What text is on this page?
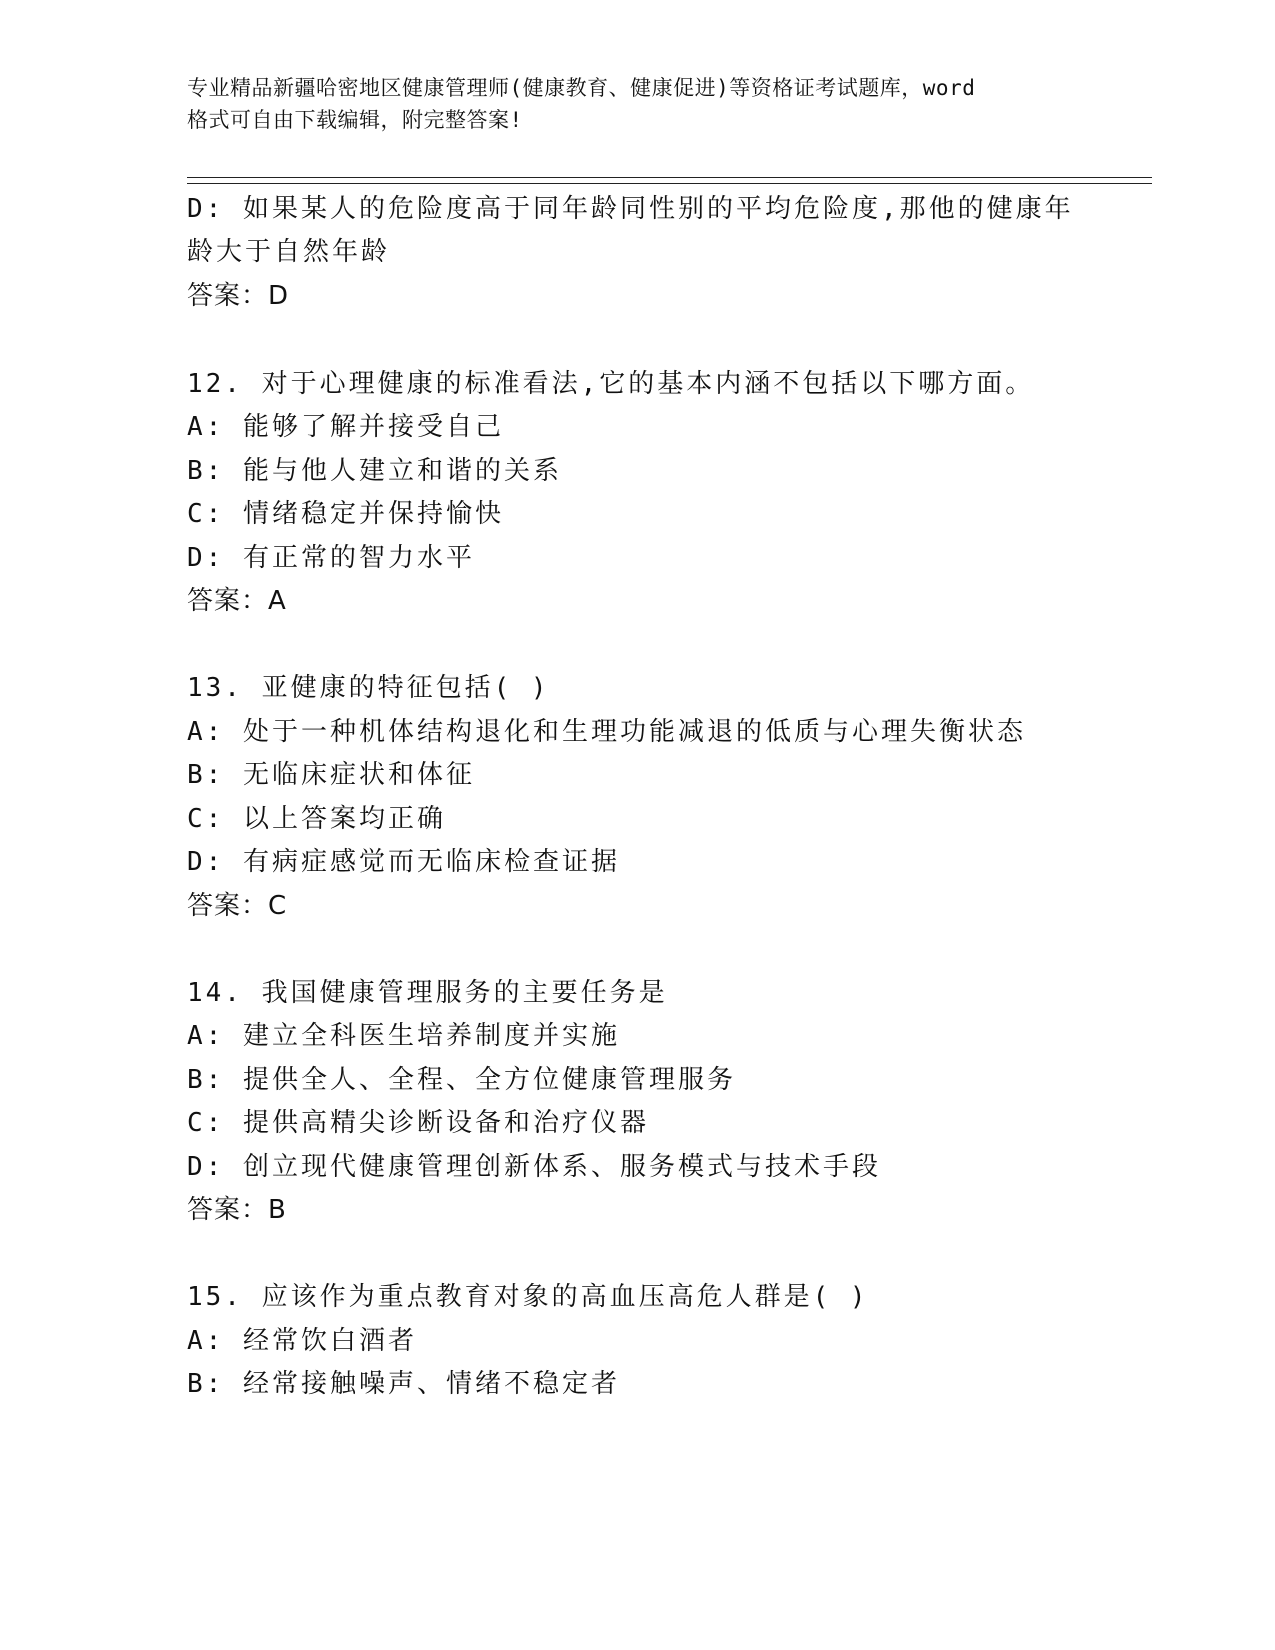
专业精品新疆哈密地区健康管理师(健康教育、健康促进)等资格证考试题库，word
格式可自由下载编辑，附完整答案!
D: 如果某人的危险度高于同年龄同性别的平均危险度,那他的健康年
龄大于自然年龄
答案：D
12. 对于心理健康的标准看法,它的基本内涵不包括以下哪方面。
A: 能够了解并接受自己
B: 能与他人建立和谐的关系
C: 情绪稳定并保持愉快
D: 有正常的智力水平
答案：A
13. 亚健康的特征包括( )
A: 处于一种机体结构退化和生理功能减退的低质与心理失衡状态
B: 无临床症状和体征
C: 以上答案均正确
D: 有病症感觉而无临床检查证据
答案：C
14. 我国健康管理服务的主要任务是
A: 建立全科医生培养制度并实施
B: 提供全人、全程、全方位健康管理服务
C: 提供高精尖诊断设备和治疗仪器
D: 创立现代健康管理创新体系、服务模式与技术手段
答案：B
15. 应该作为重点教育对象的高血压高危人群是( )
A: 经常饮白酒者
B: 经常接触噪声、情绪不稳定者
